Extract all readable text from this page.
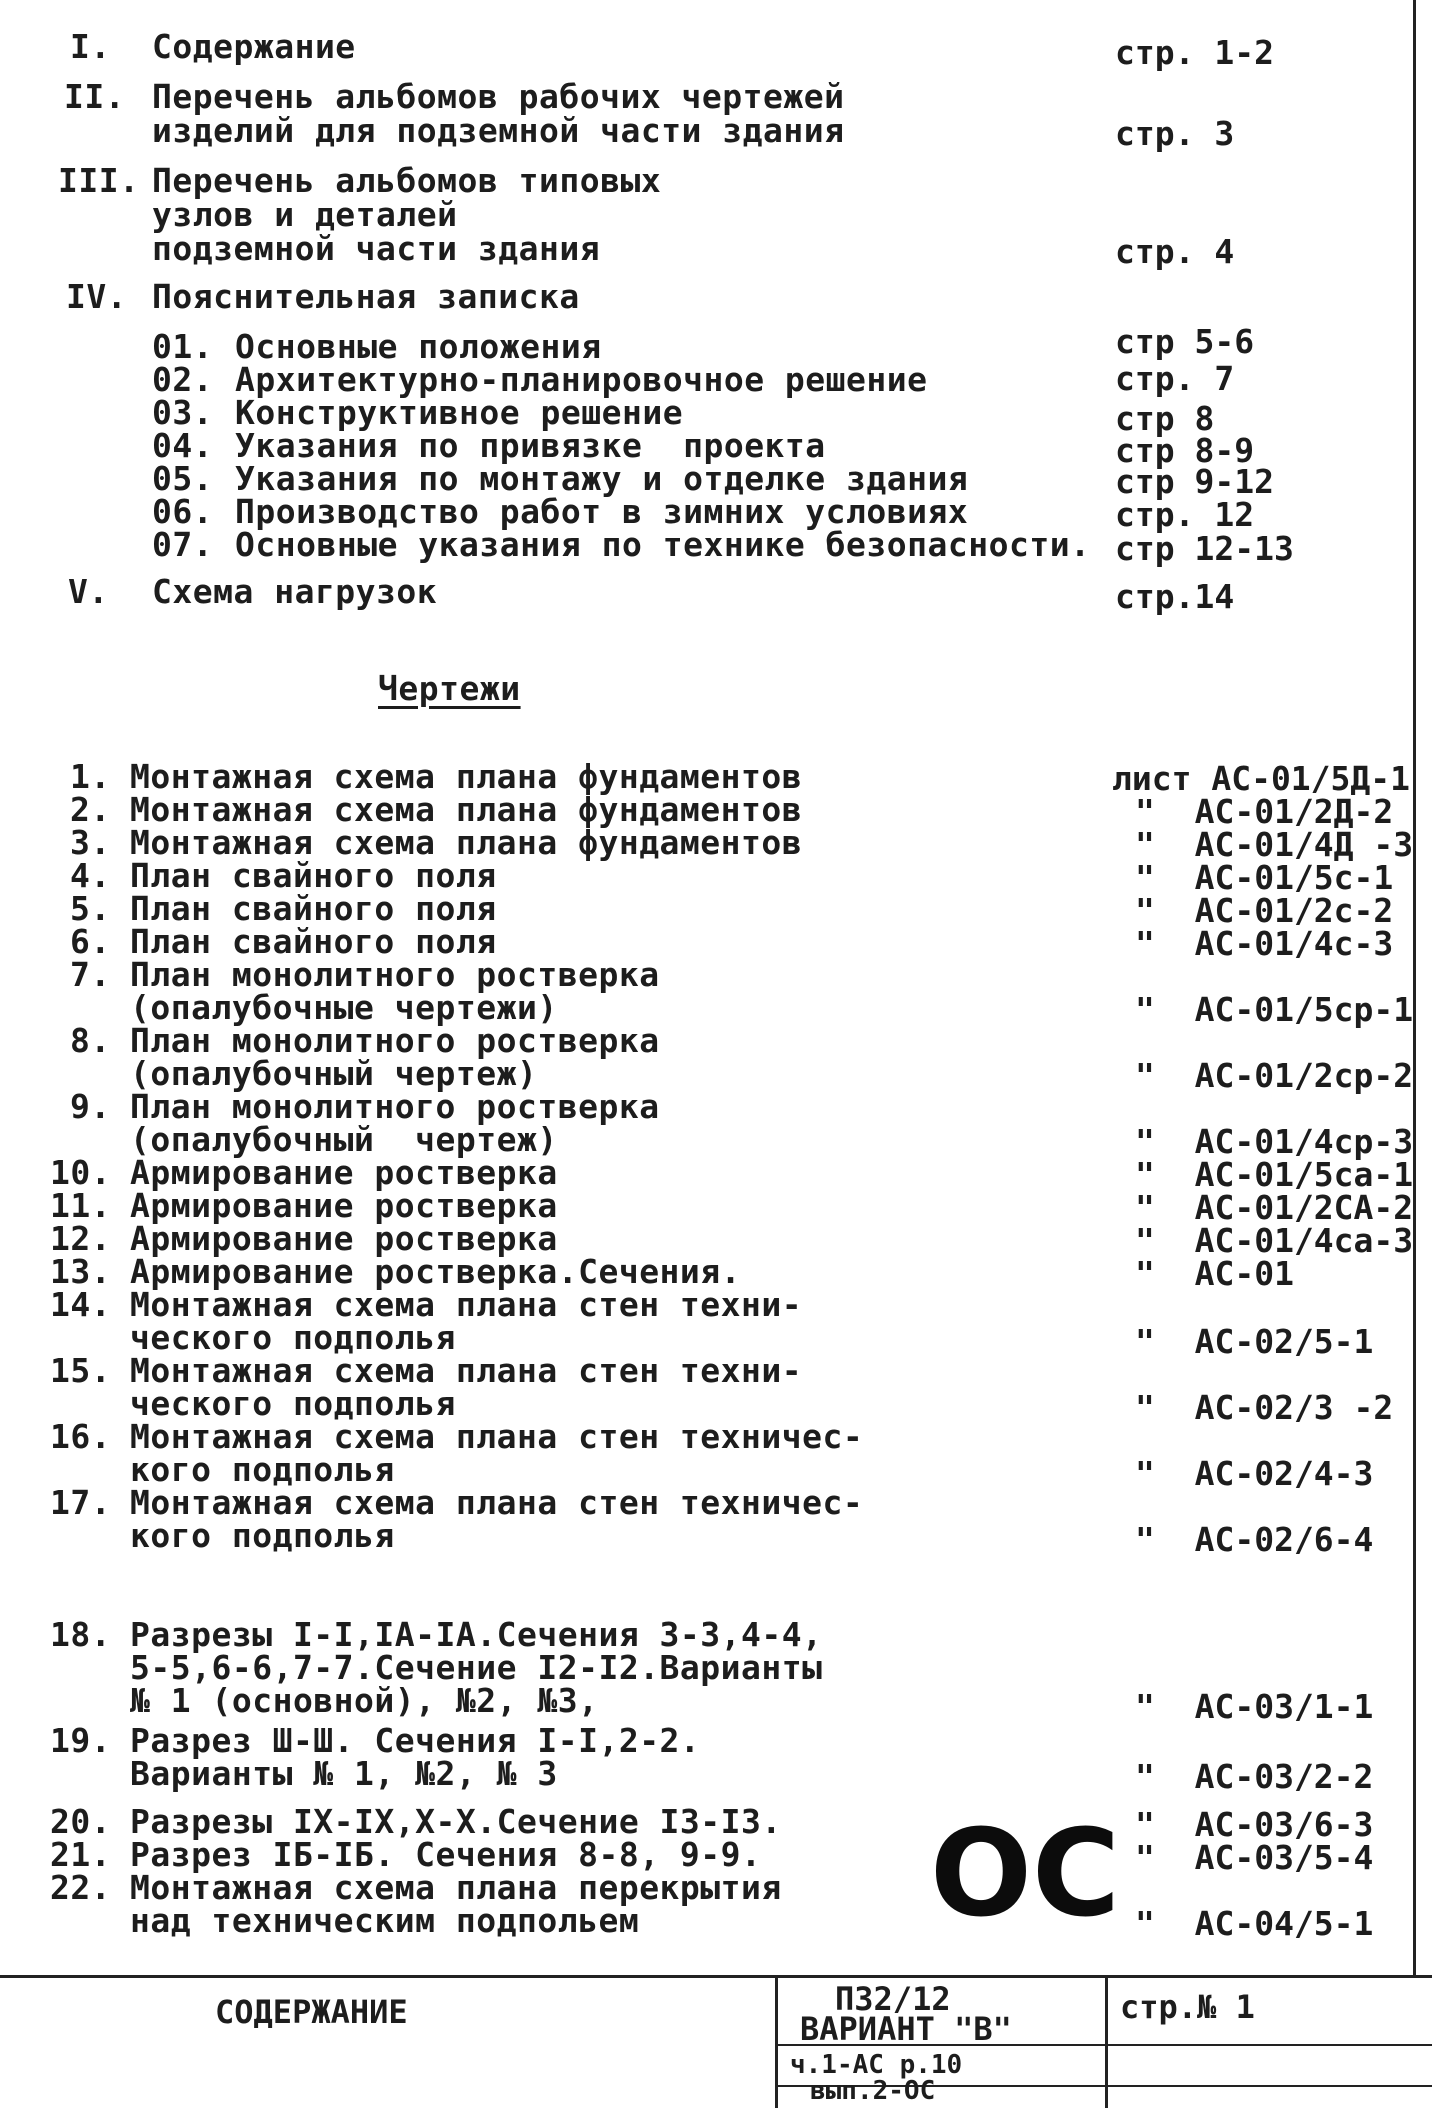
I. Содержание	стр. 1-2
II. Перечень альбомов рабочих чертежей
изделий для подземной части здания	стр. 3
III. Перечень альбомов типовых
узлов и деталей
подземной части здания	стр. 4
IV. Пояснительная записка
01. Основные положения	стр 5-6
02. Архитектурно-планировочное решение	стр. 7
03. Конструктивное решение	стр 8
04. Указания по привязке  проекта	стр 8-9
05. Указания по монтажу и отделке здания	стр 9-12
06. Производство работ в зимних условиях	стр. 12
07. Основные указания по технике безопасности. стр 12-13
V. Схема нагрузок	стр.14
Чертежи
1. Монтажная схема плана фундаментов	лист АС-01/5Д-1
2. Монтажная схема плана фундаментов	"  АС-01/2Д-2
3. Монтажная схема плана фундаментов	"  АС-01/4Д -3
4. План свайного поля	"  АС-01/5с-1
5. План свайного поля	"  АС-01/2с-2
6. План свайного поля	"  АС-01/4с-3
7. План монолитного ростверка
(опалубочные чертежи)	"  АС-01/5ср-1
8. План монолитного ростверка
(опалубочный чертеж)	"  АС-01/2ср-2
9. План монолитного ростверка
(опалубочный  чертеж)	"  АС-01/4ср-3
10. Армирование ростверка	"  АС-01/5са-1
11. Армирование ростверка	"  АС-01/2СА-2
12. Армирование ростверка	"  АС-01/4са-3
13. Армирование ростверка.Сечения.	"  АС-01
14. Монтажная схема плана стен техни-
ческого подполья	"  АС-02/5-1
15. Монтажная схема плана стен техни-
ческого подполья	"  АС-02/3 -2
16. Монтажная схема плана стен техничес-
кого подполья	"  АС-02/4-3
17. Монтажная схема плана стен техничес-
кого подполья	"  АС-02/6-4
18. Разрезы I-I,IA-IA.Сечения 3-3,4-4,
5-5,6-6,7-7.Сечение I2-I2.Варианты
№ 1 (основной), №2, №3,	"  АС-03/1-1
19. Разрез Ш-Ш. Сечения I-I,2-2.
Варианты № 1, №2, № 3	"  АС-03/2-2
20. Разрезы IX-IX,X-X.Сечение I3-I3.	"  АС-03/6-3
21. Разрез IБ-IБ. Сечения 8-8, 9-9.	"  АС-03/5-4
22. Монтажная схема плана перекрытия
над техническим подпольем	"  АС-04/5-1
ОС
СОДЕРЖАНИЕ	П32/12
ВАРИАНТ "В"
ч.1-АС р.10
вып.2-ОС
стр.№ 1
